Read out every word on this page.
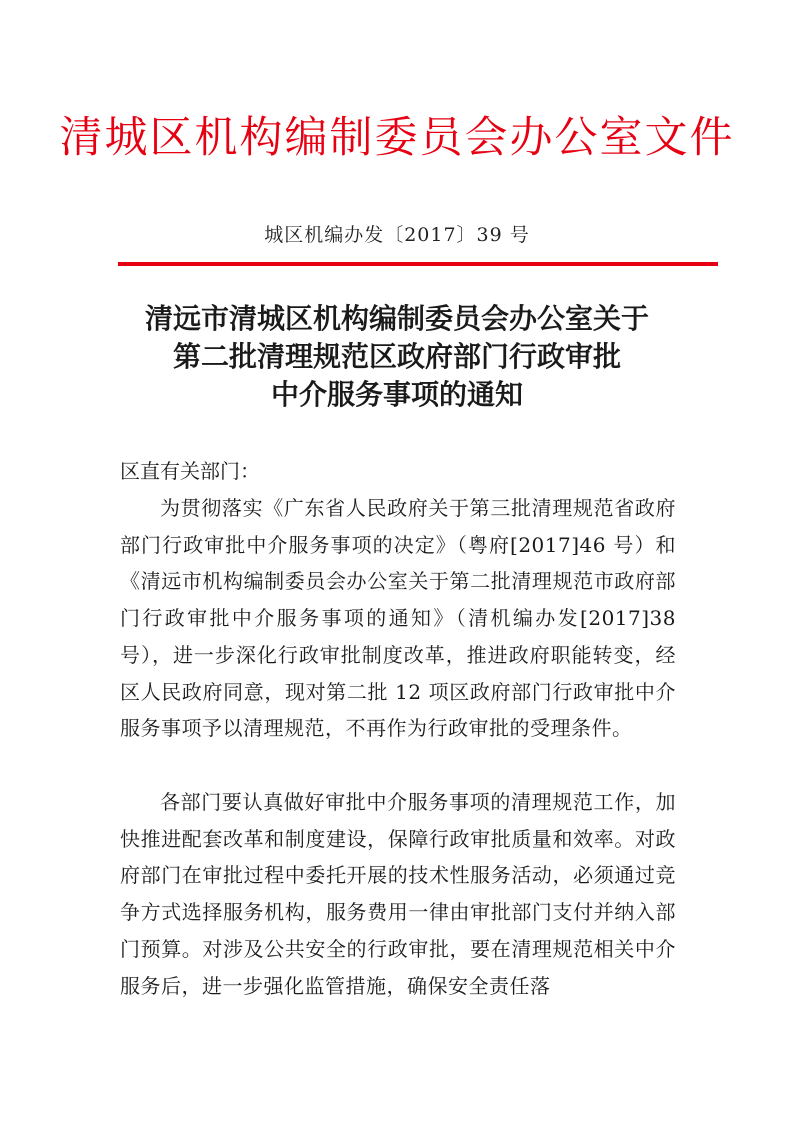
清城区机构编制委员会办公室文件
城区机编办发〔2017〕39 号
清远市清城区机构编制委员会办公室关于
第二批清理规范区政府部门行政审批
中介服务事项的通知
区直有关部门：
为贯彻落实《广东省人民政府关于第三批清理规范省政府部门行政审批中介服务事项的决定》（粤府[2017]46 号）和《清远市机构编制委员会办公室关于第二批清理规范市政府部门行政审批中介服务事项的通知》（清机编办发[2017]38 号），进一步深化行政审批制度改革，推进政府职能转变，经区人民政府同意，现对第二批 12 项区政府部门行政审批中介服务事项予以清理规范，不再作为行政审批的受理条件。
各部门要认真做好审批中介服务事项的清理规范工作，加快推进配套改革和制度建设，保障行政审批质量和效率。对政府部门在审批过程中委托开展的技术性服务活动，必须通过竞争方式选择服务机构，服务费用一律由审批部门支付并纳入部门预算。对涉及公共安全的行政审批，要在清理规范相关中介服务后，进一步强化监管措施，确保安全责任落
